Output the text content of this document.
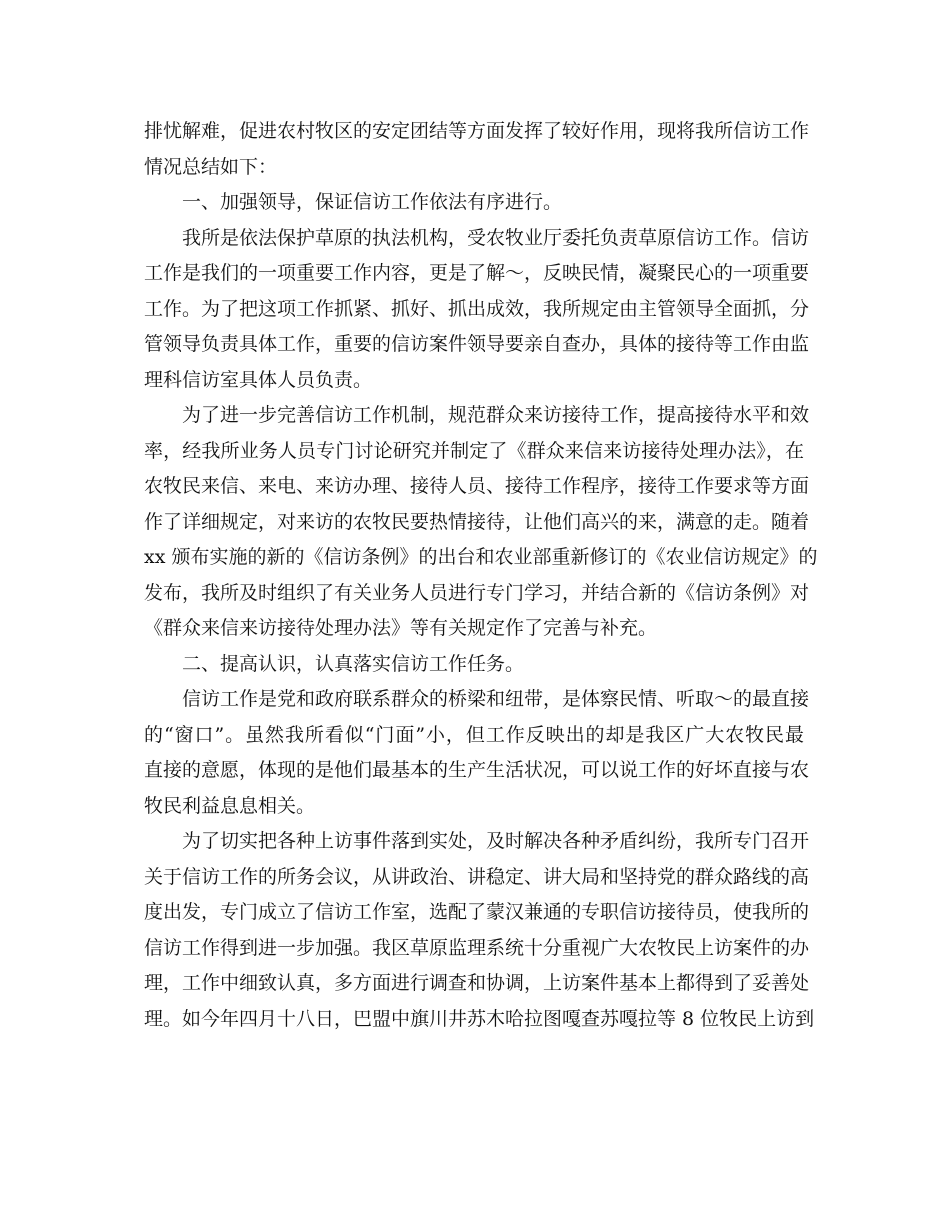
排忧解难，促进农村牧区的安定团结等方面发挥了较好作用，现将我所信访工作
情况总结如下：
一、加强领导，保证信访工作依法有序进行。
我所是依法保护草原的执法机构，受农牧业厅委托负责草原信访工作。信访
工作是我们的一项重要工作内容，更是了解～，反映民情，凝聚民心的一项重要
工作。为了把这项工作抓紧、抓好、抓出成效，我所规定由主管领导全面抓，分
管领导负责具体工作，重要的信访案件领导要亲自查办，具体的接待等工作由监
理科信访室具体人员负责。
为了进一步完善信访工作机制，规范群众来访接待工作，提高接待水平和效
率，经我所业务人员专门讨论研究并制定了《群众来信来访接待处理办法》，在
农牧民来信、来电、来访办理、接待人员、接待工作程序，接待工作要求等方面
作了详细规定，对来访的农牧民要热情接待，让他们高兴的来，满意的走。随着
xx 颁布实施的新的《信访条例》的出台和农业部重新修订的《农业信访规定》的
发布，我所及时组织了有关业务人员进行专门学习，并结合新的《信访条例》对
《群众来信来访接待处理办法》等有关规定作了完善与补充。
二、提高认识，认真落实信访工作任务。
信访工作是党和政府联系群众的桥梁和纽带，是体察民情、听取～的最直接
的“窗口”。虽然我所看似“门面”小，但工作反映出的却是我区广大农牧民最
直接的意愿，体现的是他们最基本的生产生活状况，可以说工作的好坏直接与农
牧民利益息息相关。
为了切实把各种上访事件落到实处，及时解决各种矛盾纠纷，我所专门召开
关于信访工作的所务会议，从讲政治、讲稳定、讲大局和坚持党的群众路线的高
度出发，专门成立了信访工作室，选配了蒙汉兼通的专职信访接待员，使我所的
信访工作得到进一步加强。我区草原监理系统十分重视广大农牧民上访案件的办
理，工作中细致认真，多方面进行调查和协调，上访案件基本上都得到了妥善处
理。如今年四月十八日，巴盟中旗川井苏木哈拉图嘎查苏嘎拉等 8 位牧民上访到
